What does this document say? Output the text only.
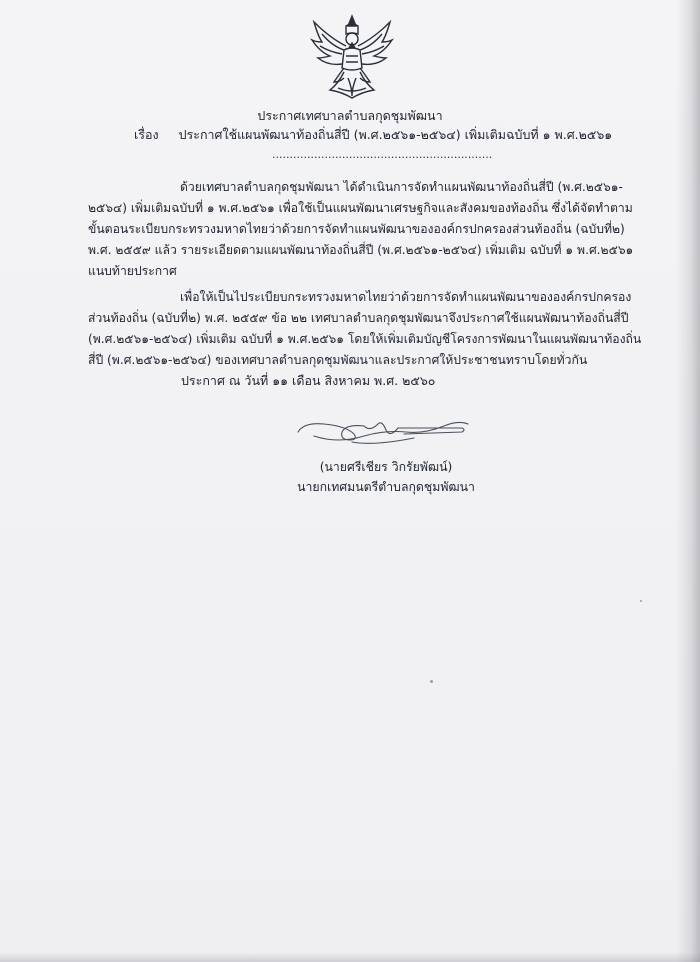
ประกาศเทศบาลตำบลกุดชุมพัฒนา
เรื่อง ประกาศใช้แผนพัฒนาท้องถิ่นสี่ปี (พ.ศ.๒๕๖๑-๒๕๖๔) เพิ่มเติมฉบับที่ ๑ พ.ศ.๒๕๖๑
...............................................................
ด้วยเทศบาลตำบลกุดชุมพัฒนา ได้ดำเนินการจัดทำแผนพัฒนาท้องถิ่นสี่ปี (พ.ศ.๒๕๖๑-
๒๕๖๔) เพิ่มเติมฉบับที่ ๑ พ.ศ.๒๕๖๑ เพื่อใช้เป็นแผนพัฒนาเศรษฐกิจและสังคมของท้องถิ่น ซึ่งได้จัดทำตาม
ขั้นตอนระเบียบกระทรวงมหาดไทยว่าด้วยการจัดทำแผนพัฒนาขององค์กรปกครองส่วนท้องถิ่น (ฉบับที่๒)
พ.ศ. ๒๕๕๙ แล้ว รายระเอียดตามแผนพัฒนาท้องถิ่นสี่ปี (พ.ศ.๒๕๖๑-๒๕๖๔) เพิ่มเติม ฉบับที่ ๑ พ.ศ.๒๕๖๑
แนบท้ายประกาศ
เพื่อให้เป็นไประเบียบกระทรวงมหาดไทยว่าด้วยการจัดทำแผนพัฒนาขององค์กรปกครอง
ส่วนท้องถิ่น (ฉบับที่๒) พ.ศ. ๒๕๕๙ ข้อ ๒๒ เทศบาลตำบลกุดชุมพัฒนาจึงประกาศใช้แผนพัฒนาท้องถิ่นสี่ปี
(พ.ศ.๒๕๖๑-๒๕๖๔) เพิ่มเติม ฉบับที่ ๑ พ.ศ.๒๕๖๑ โดยให้เพิ่มเติมบัญชีโครงการพัฒนาในแผนพัฒนาท้องถิ่น
สี่ปี (พ.ศ.๒๕๖๑-๒๕๖๔) ของเทศบาลตำบลกุดชุมพัฒนาและประกาศให้ประชาชนทราบโดยทั่วกัน
ประกาศ ณ วันที่ ๑๑ เดือน สิงหาคม พ.ศ. ๒๕๖๐
(นายศรีเชียร วิกรัยพัฒน์)
นายกเทศมนตรีตำบลกุดชุมพัฒนา
